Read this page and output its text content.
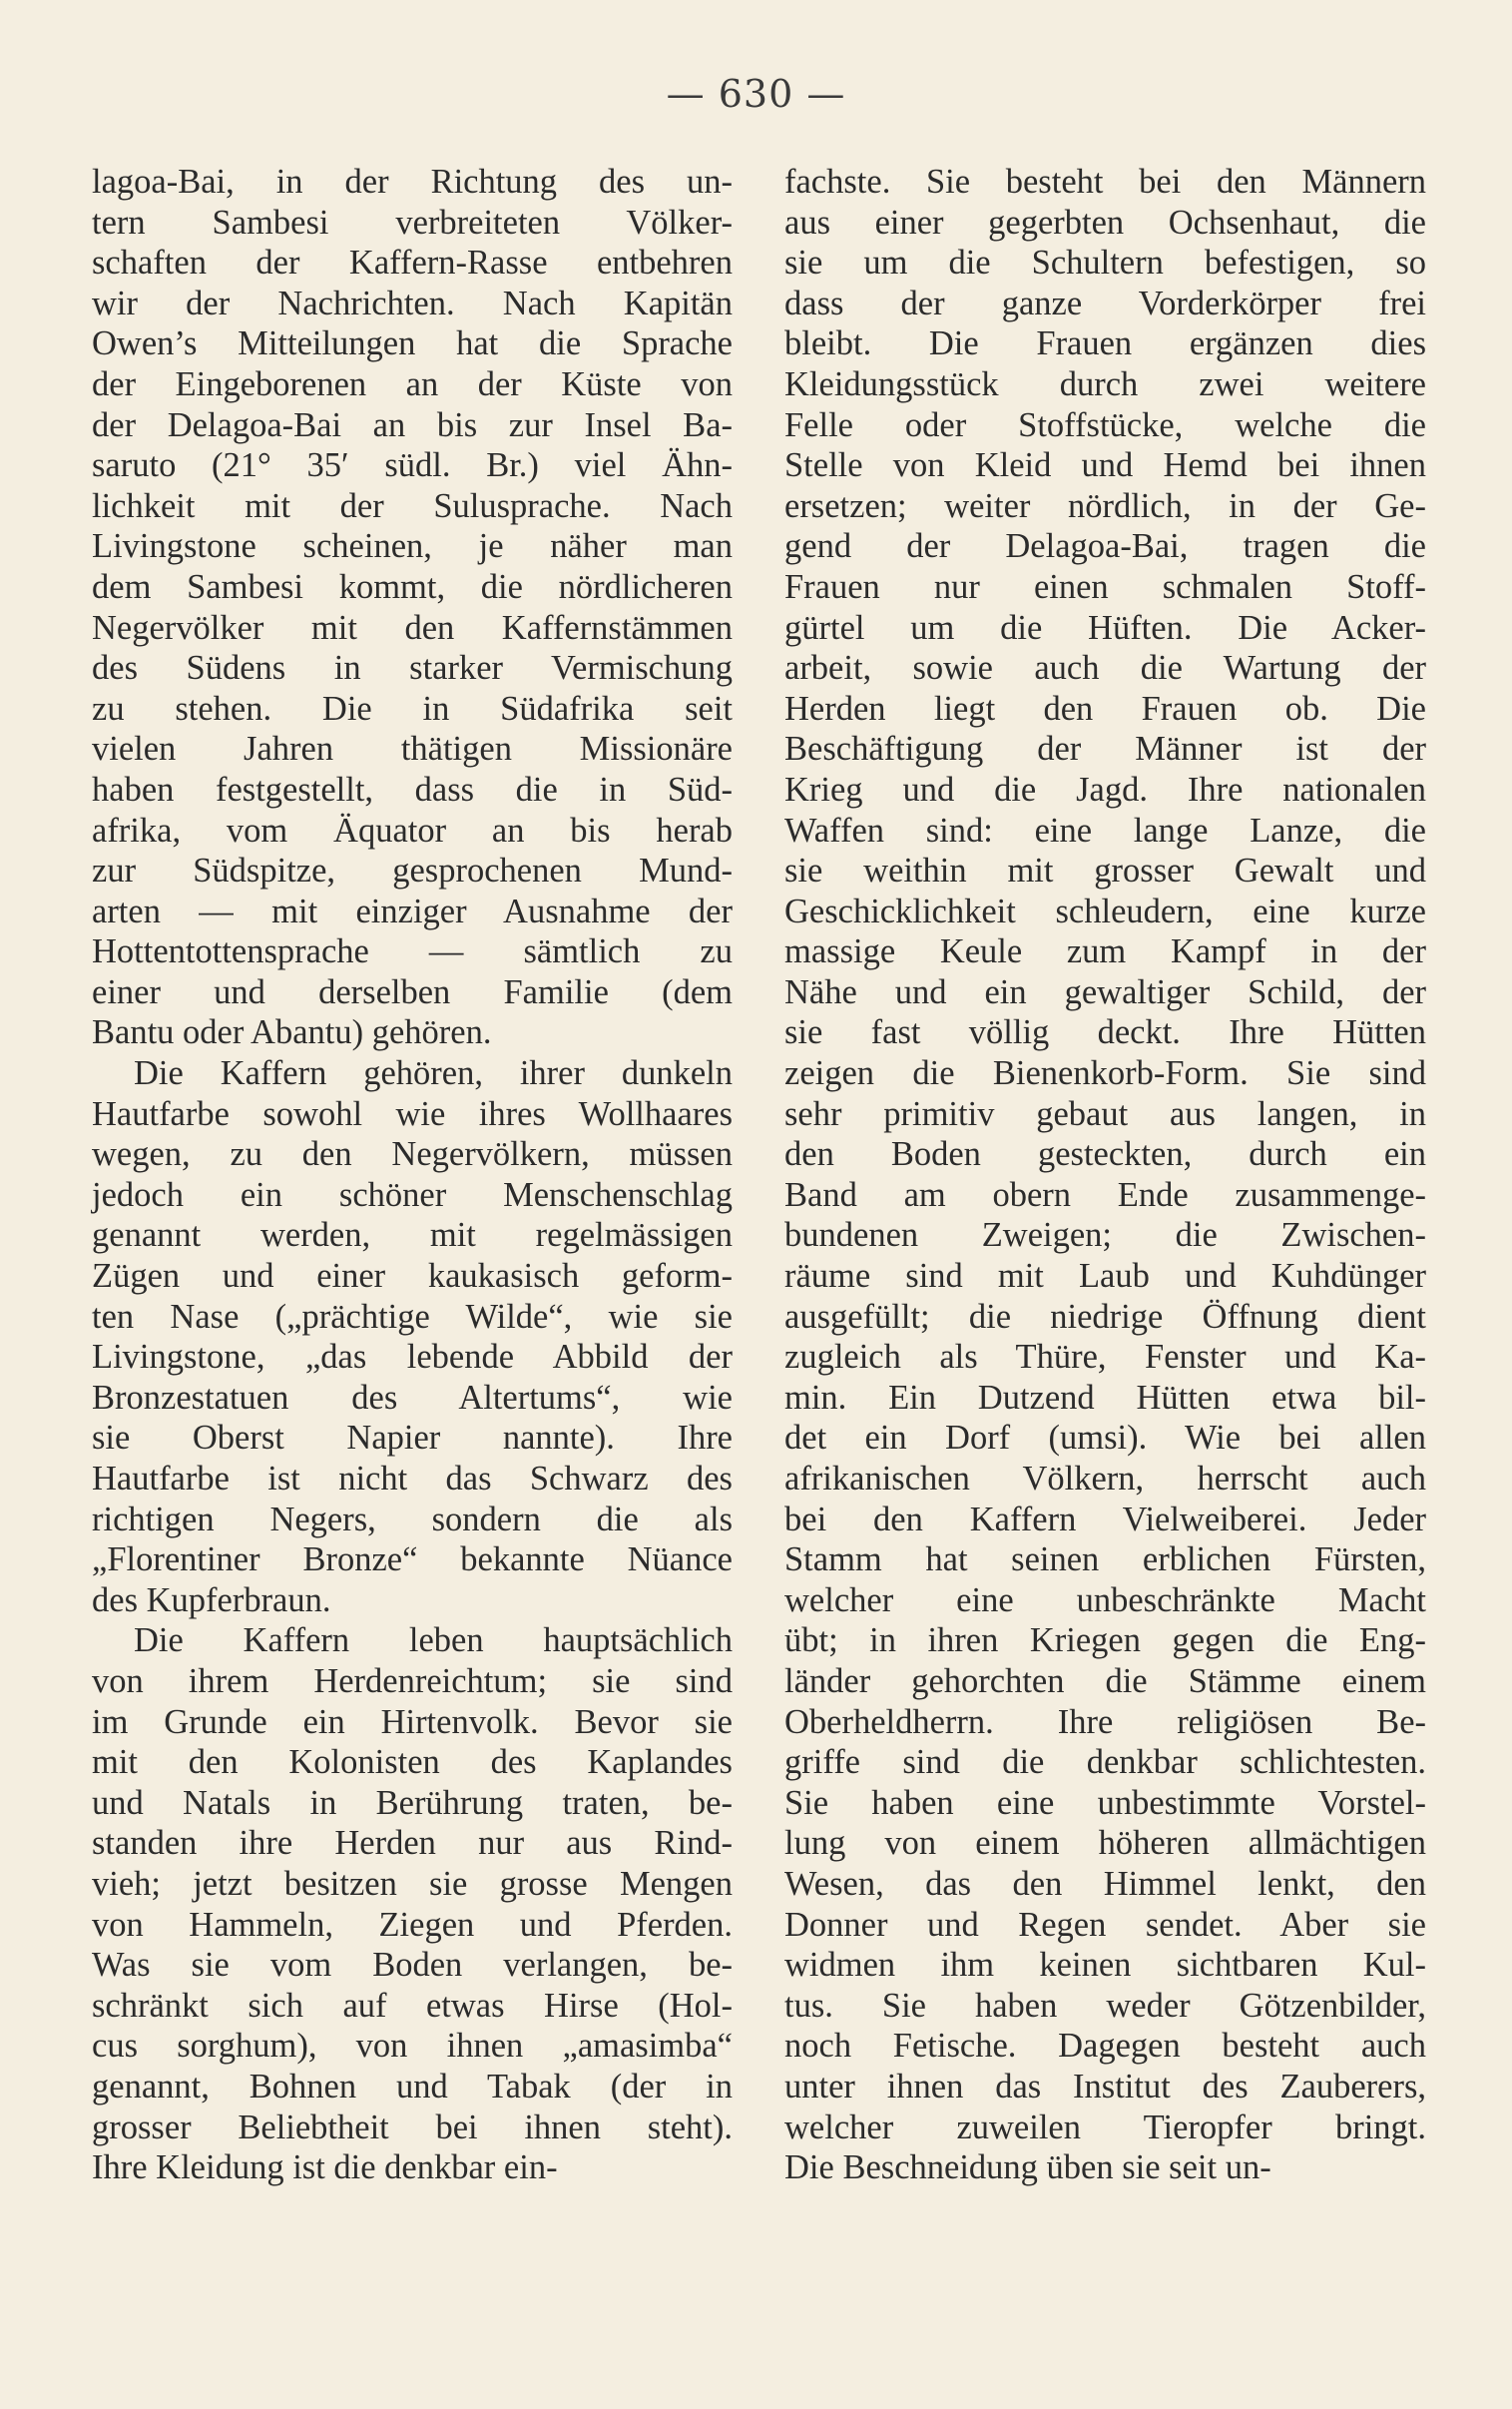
— 630 —
lagoa-Bai, in der Richtung des un-
tern Sambesi verbreiteten Völker-
schaften der Kaffern-Rasse entbehren
wir der Nachrichten. Nach Kapitän
Owen’s Mitteilungen hat die Sprache
der Eingeborenen an der Küste von
der Delagoa-Bai an bis zur Insel Ba-
saruto (21° 35′ südl. Br.) viel Ähn-
lichkeit mit der Sulusprache. Nach
Livingstone scheinen, je näher man
dem Sambesi kommt, die nördlicheren
Negervölker mit den Kaffernstämmen
des Südens in starker Vermischung
zu stehen. Die in Südafrika seit
vielen Jahren thätigen Missionäre
haben festgestellt, dass die in Süd-
afrika, vom Äquator an bis herab
zur Südspitze, gesprochenen Mund-
arten — mit einziger Ausnahme der
Hottentottensprache — sämtlich zu
einer und derselben Familie (dem
Bantu oder Abantu) gehören.
Die Kaffern gehören, ihrer dunkeln
Hautfarbe sowohl wie ihres Wollhaares
wegen, zu den Negervölkern, müssen
jedoch ein schöner Menschenschlag
genannt werden, mit regelmässigen
Zügen und einer kaukasisch geform-
ten Nase („prächtige Wilde“, wie sie
Livingstone, „das lebende Abbild der
Bronzestatuen des Altertums“, wie
sie Oberst Napier nannte). Ihre
Hautfarbe ist nicht das Schwarz des
richtigen Negers, sondern die als
„Florentiner Bronze“ bekannte Nüance
des Kupferbraun.
Die Kaffern leben hauptsächlich
von ihrem Herdenreichtum; sie sind
im Grunde ein Hirtenvolk. Bevor sie
mit den Kolonisten des Kaplandes
und Natals in Berührung traten, be-
standen ihre Herden nur aus Rind-
vieh; jetzt besitzen sie grosse Mengen
von Hammeln, Ziegen und Pferden.
Was sie vom Boden verlangen, be-
schränkt sich auf etwas Hirse (Hol-
cus sorghum), von ihnen „amasimba“
genannt, Bohnen und Tabak (der in
grosser Beliebtheit bei ihnen steht).
Ihre Kleidung ist die denkbar ein-
fachste. Sie besteht bei den Männern
aus einer gegerbten Ochsenhaut, die
sie um die Schultern befestigen, so
dass der ganze Vorderkörper frei
bleibt. Die Frauen ergänzen dies
Kleidungsstück durch zwei weitere
Felle oder Stoffstücke, welche die
Stelle von Kleid und Hemd bei ihnen
ersetzen; weiter nördlich, in der Ge-
gend der Delagoa-Bai, tragen die
Frauen nur einen schmalen Stoff-
gürtel um die Hüften. Die Acker-
arbeit, sowie auch die Wartung der
Herden liegt den Frauen ob. Die
Beschäftigung der Männer ist der
Krieg und die Jagd. Ihre nationalen
Waffen sind: eine lange Lanze, die
sie weithin mit grosser Gewalt und
Geschicklichkeit schleudern, eine kurze
massige Keule zum Kampf in der
Nähe und ein gewaltiger Schild, der
sie fast völlig deckt. Ihre Hütten
zeigen die Bienenkorb-Form. Sie sind
sehr primitiv gebaut aus langen, in
den Boden gesteckten, durch ein
Band am obern Ende zusammenge-
bundenen Zweigen; die Zwischen-
räume sind mit Laub und Kuhdünger
ausgefüllt; die niedrige Öffnung dient
zugleich als Thüre, Fenster und Ka-
min. Ein Dutzend Hütten etwa bil-
det ein Dorf (umsi). Wie bei allen
afrikanischen Völkern, herrscht auch
bei den Kaffern Vielweiberei. Jeder
Stamm hat seinen erblichen Fürsten,
welcher eine unbeschränkte Macht
übt; in ihren Kriegen gegen die Eng-
länder gehorchten die Stämme einem
Oberheldherrn. Ihre religiösen Be-
griffe sind die denkbar schlichtesten.
Sie haben eine unbestimmte Vorstel-
lung von einem höheren allmächtigen
Wesen, das den Himmel lenkt, den
Donner und Regen sendet. Aber sie
widmen ihm keinen sichtbaren Kul-
tus. Sie haben weder Götzenbilder,
noch Fetische. Dagegen besteht auch
unter ihnen das Institut des Zauberers,
welcher zuweilen Tieropfer bringt.
Die Beschneidung üben sie seit un-
